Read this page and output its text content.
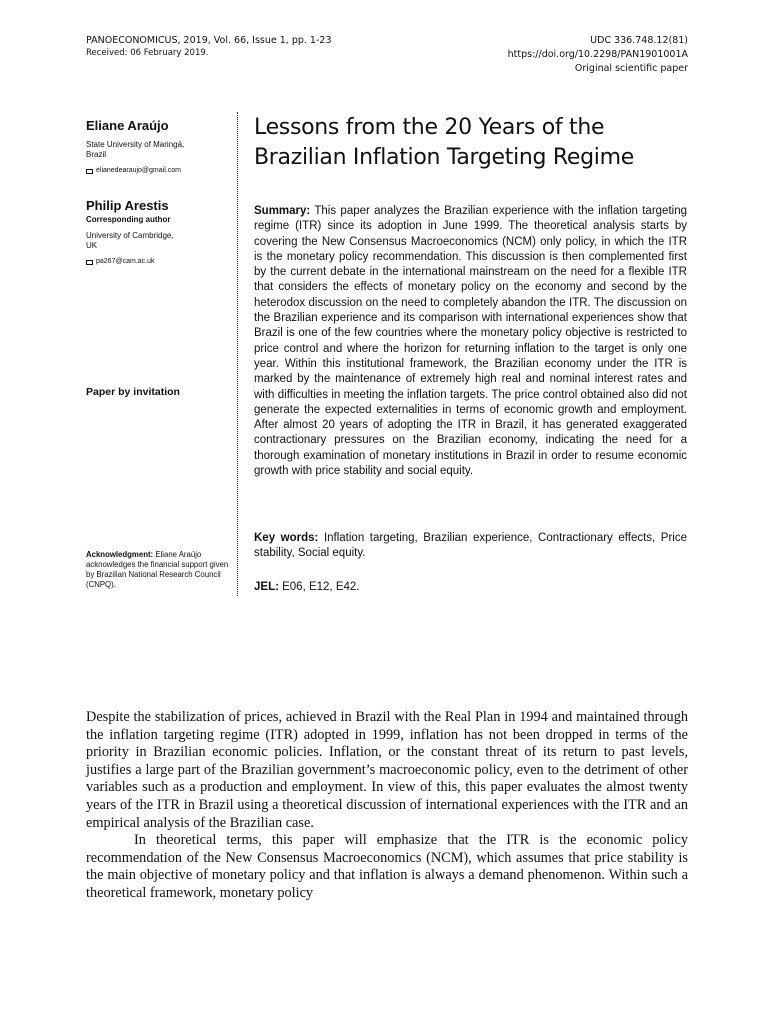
PANOECONOMICUS, 2019, Vol. 66, Issue 1, pp. 1-23
Received: 06 February 2019.
UDC 336.748.12(81)
https://doi.org/10.2298/PAN1901001A
Original scientific paper
Eliane Araújo
State University of Maringá,
Brazil
elianedearaujo@gmail.com
Philip Arestis
Corresponding author
University of Cambridge,
UK
pa267@cam.ac.uk
Paper by invitation
Acknowledgment: Eliane Araújo acknowledges the financial support given by Brazilian National Research Council (CNPQ).
Lessons from the 20 Years of the Brazilian Inflation Targeting Regime
Summary: This paper analyzes the Brazilian experience with the inflation targeting regime (ITR) since its adoption in June 1999. The theoretical analysis starts by covering the New Consensus Macroeconomics (NCM) only policy, in which the ITR is the monetary policy recommendation. This discussion is then complemented first by the current debate in the international mainstream on the need for a flexible ITR that considers the effects of monetary policy on the economy and second by the heterodox discussion on the need to completely abandon the ITR. The discussion on the Brazilian experience and its comparison with international experiences show that Brazil is one of the few countries where the monetary policy objective is restricted to price control and where the horizon for returning inflation to the target is only one year. Within this institutional framework, the Brazilian economy under the ITR is marked by the maintenance of extremely high real and nominal interest rates and with difficulties in meeting the inflation targets. The price control obtained also did not generate the expected externalities in terms of economic growth and employment. After almost 20 years of adopting the ITR in Brazil, it has generated exaggerated contractionary pressures on the Brazilian economy, indicating the need for a thorough examination of monetary institutions in Brazil in order to resume economic growth with price stability and social equity.
Key words: Inflation targeting, Brazilian experience, Contractionary effects, Price stability, Social equity.
JEL: E06, E12, E42.

Despite the stabilization of prices, achieved in Brazil with the Real Plan in 1994 and maintained through the inflation targeting regime (ITR) adopted in 1999, inflation has not been dropped in terms of the priority in Brazilian economic policies. Inflation, or the constant threat of its return to past levels, justifies a large part of the Brazilian government’s macroeconomic policy, even to the detriment of other variables such as a production and employment. In view of this, this paper evaluates the almost twenty years of the ITR in Brazil using a theoretical discussion of international experiences with the ITR and an empirical analysis of the Brazilian case.

In theoretical terms, this paper will emphasize that the ITR is the economic policy recommendation of the New Consensus Macroeconomics (NCM), which assumes that price stability is the main objective of monetary policy and that inflation is always a demand phenomenon. Within such a theoretical framework, monetary policy
